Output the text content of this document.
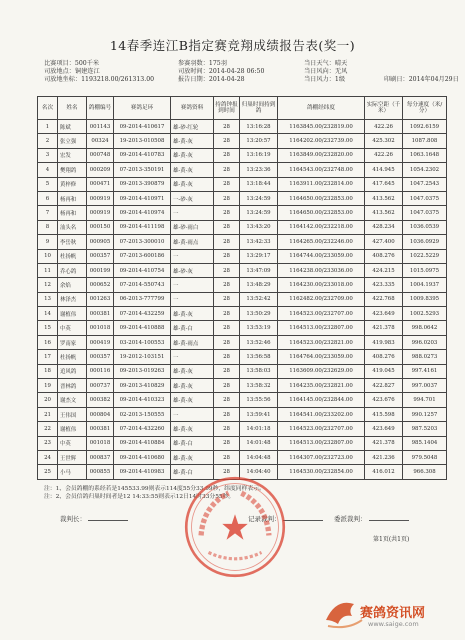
14春季连江B指定赛竞翔成绩报告表(奖一)
比赛项目：500千米
司放地点：铜建连江
司放地坐标：1193218.00/261313.00
参赛羽数：175羽
司放时间：2014-04-28 06:50
报告日期：2014-04-28
当日天气：晴天
当日风向：无风
当日风力：1级	印刷日：2014年04月29日
名次	姓名	鸽棚编号	赛鸽足环	赛鸽资料	持鸽钟报到时间	归巢时间持到鸽	鸽棚经纬度	实际空距（千米）	每分速度（米/分）
1	陈斌	001143	09-2014-410617	雄-砂-红轮	28	13:16:28	1163845.00/232819.00	422.26	1092.6159
2	张立强	00324	19-2013-010508	雄-黄-灰	28	13:20:57	1164202.00/232739.00	425.302	1087.808
3	宏发	000748	09-2014-410783	雄-黄-灰	28	13:16:19	1163849.00/232820.00	422.26	1063.1648
4	樊翔鸽	000209	07-2013-350191	雄-黄-灰	28	13:23:36	1164543.00/232748.00	414.945	1054.2302
5	黄梓修	000471	09-2013-390879	雄-黄-灰	28	13:18:44	1163911.00/232814.00	417.645	1047.2543
6	杨再和	000919	09-2014-410971	一-砂-灰	28	13:24:59	1164650.00/232853.00	413.562	1047.0375
7	杨再和	000919	09-2014-410974	一	28	13:24:59	1164650.00/232853.00	413.562	1047.0375
8	汕头名	000150	09-2014-411198	雄-砂-雨白	28	13:43:20	1164142.00/232218.00	428.234	1036.0539
9	李岳秋	000905	07-2013-300010	雄-黄-雨点	28	13:42:33	1164265.00/232246.00	427.400	1036.0929
10	杜扬帆	000357	07-2013-600186	一	28	13:29:17	1164744.00/233059.00	408.276	1022.5229
11	乔心鸽	000199	09-2014-410754	雄-砂-灰	28	13:47:09	1164238.00/233036.00	424.215	1015.0975
12	余焰	000652	07-2014-550743	一	28	13:48:29	1164230.00/233018.00	423.335	1004.1937
13	林泽杰	001263	06-2013-777799	一	28	13:52:42	1162482.00/232709.00	422.768	1009.8395
14	谢植伟	000381	07-2014-432259	雄-黄-灰	28	13:50:29	1164523.00/232707.00	423.649	1002.5293
15	中英	001018	09-2014-410888	雄-黄-白	28	13:53:19	1164513.00/232807.00	421.378	998.0642
16	罗南家	000419	03-2014-100553	雄-黄-雨点	28	13:52:46	1164523.00/232821.00	419.983	996.0203
17	杜扬帆	000357	19-2012-103151	一	28	13:56:58	1164764.00/233059.00	408.276	988.0273
18	追风鸽	000116	09-2013-019263	雄-黄-灰	28	13:58:03	1163609.00/232629.00	419.045	997.4161
19	晋林鸽	000737	09-2013-410829	雄-黄-灰	28	13:58:32	1164235.00/232821.00	422.827	997.0037
20	谢杰文	000382	09-2014-410323	雄-黄-灰	28	13:55:56	1164145.00/232844.00	423.676	994.701
21	王伟国	000804	02-2013-150555	一	28	13:59:41	1164541.00/233202.00	415.598	990.1257
22	谢植伟	000381	07-2014-432260	雄-黄-灰	28	14:01:18	1164523.00/232707.00	423.649	987.5203
23	中英	001018	09-2014-410884	雄-黄-白	28	14:01:48	1164513.00/232807.00	421.378	985.1404
24	王世辉	000837	09-2014-410680	雄-黄-灰	28	14:04:48	1164307.00/232723.00	421.236	979.5048
25	小马	000855	09-2014-410983	雄-黄-白	28	14:04:40	1164530.00/232854.00	416.012	966.308
注：1、会员鸽棚的系经若是145533.99则表示114度55分33.99秒，纬度同样表示。
注：2、会员信鸽归巢时间者是12 14:33:55则表示12日14时33分55秒。
裁判长：	记录裁判：	委派裁判：
第1页(共1页)
赛鸽资讯网
www.saige.com
